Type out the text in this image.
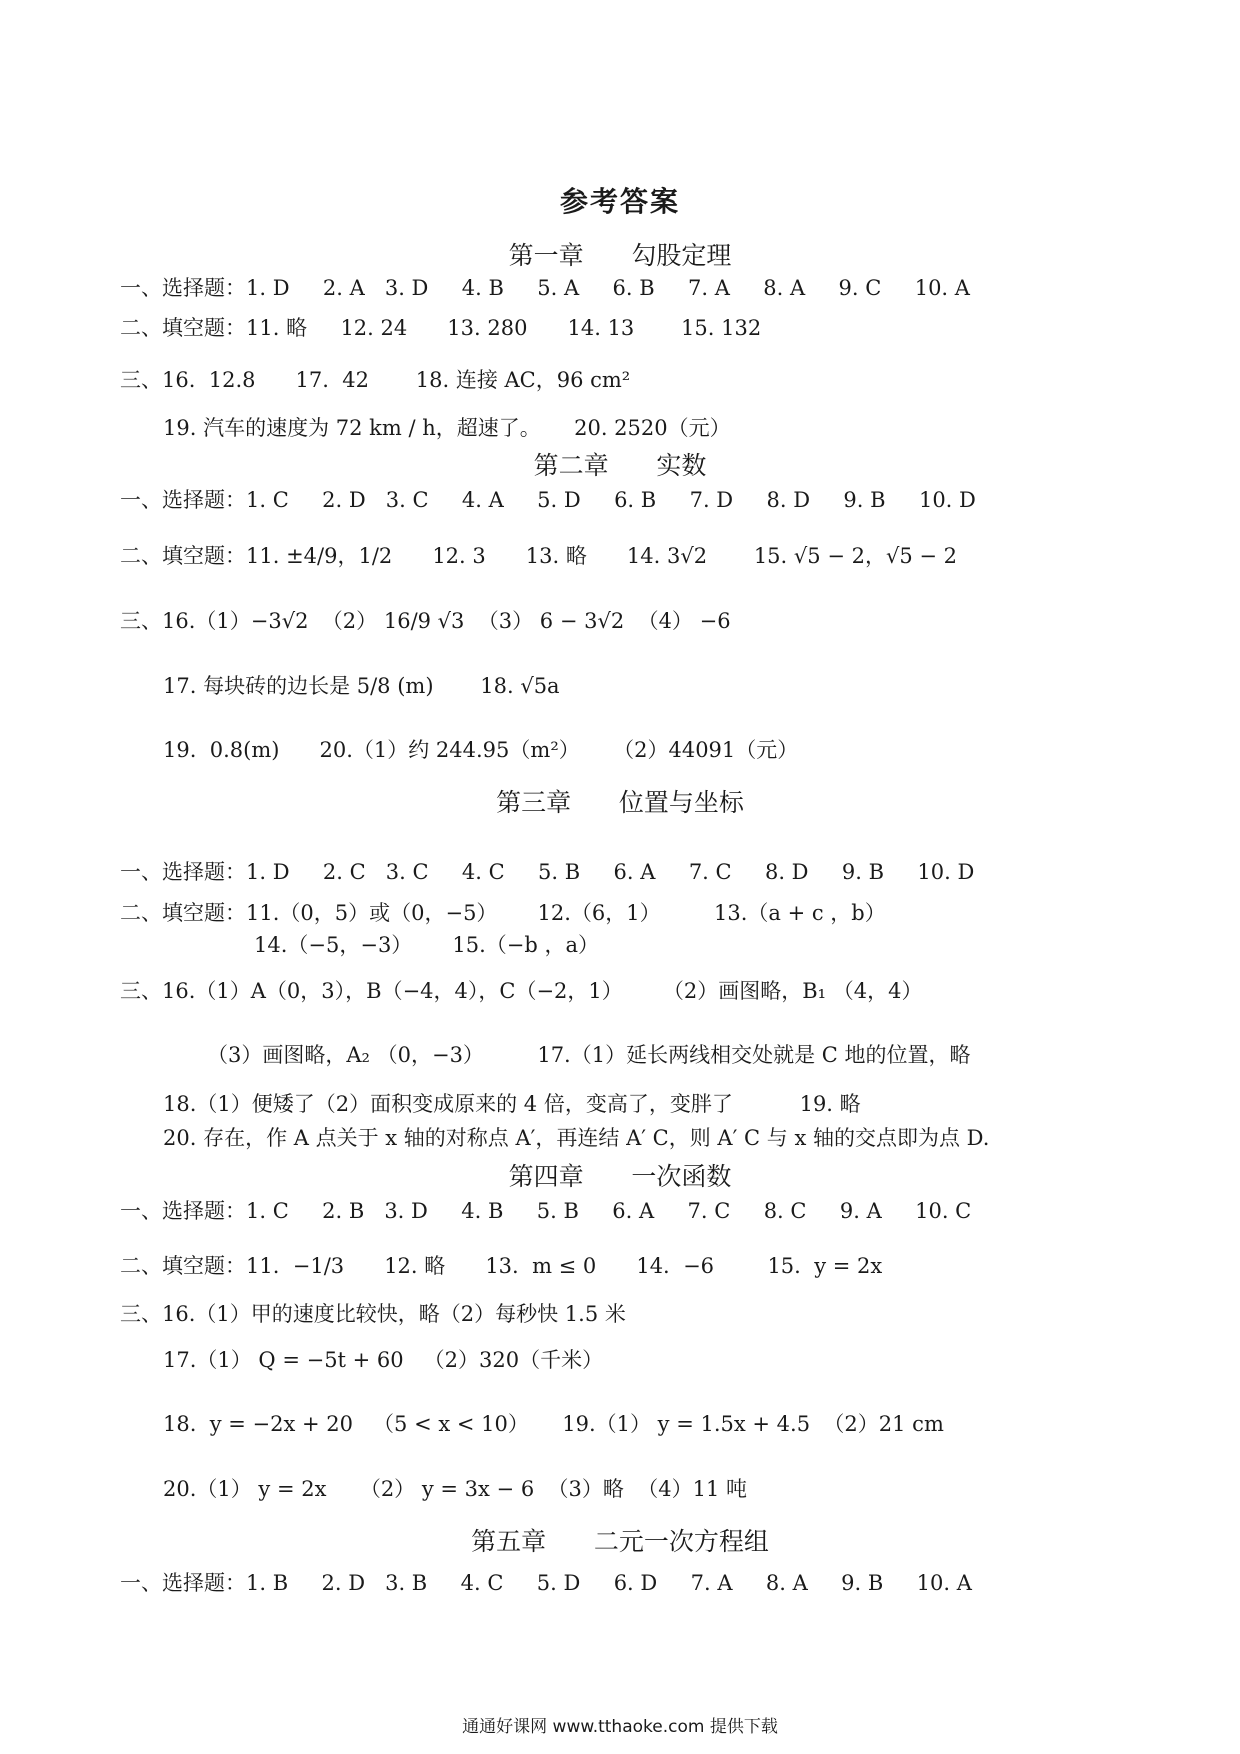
参考答案
第一章      勾股定理
一、选择题：1. D     2. A   3. D     4. B     5. A     6. B     7. A     8. A     9. C     10. A
二、填空题：11. 略     12. 24      13. 280      14. 13       15. 132
三、16.  12.8      17.  42       18. 连接 AC，96 cm²
19. 汽车的速度为 72 km / h，超速了。     20. 2520（元）
第二章      实数
一、选择题：1. C     2. D   3. C     4. A     5. D     6. B     7. D     8. D     9. B     10. D
二、填空题：11. ±4/9，1/2      12. 3      13. 略      14. 3√2       15. √5 − 2，√5 − 2
三、16.（1）−3√2  （2） 16/9 √3  （3） 6 − 3√2  （4） −6
17. 每块砖的边长是 5/8 (m)       18. √5a
19.  0.8(m)      20.（1）约 244.95（m²）     （2）44091（元）
第三章      位置与坐标
一、选择题：1. D     2. C   3. C     4. C     5. B     6. A     7. C     8. D     9. B     10. D
二、填空题：11.（0，5）或（0，−5）      12.（6，1）        13.（a + c ，b）
14.（−5，−3）      15.（−b ，a）
三、16.（1）A（0，3），B（−4，4），C（−2，1）      （2）画图略，B₁ （4，4）
（3）画图略，A₂ （0，−3）        17.（1）延长两线相交处就是 C 地的位置，略
18.（1）便矮了（2）面积变成原来的 4 倍，变高了，变胖了          19. 略
20. 存在，作 A 点关于 x 轴的对称点 A′，再连结 A′ C，则 A′ C 与 x 轴的交点即为点 D.
第四章      一次函数
一、选择题：1. C     2. B   3. D     4. B     5. B     6. A     7. C     8. C     9. A     10. C
二、填空题：11.  −1/3      12. 略      13.  m ≤ 0      14.  −6        15.  y = 2x
三、16.（1）甲的速度比较快，略（2）每秒快 1.5 米
17.（1） Q = −5t + 60   （2）320（千米）
18.  y = −2x + 20   （5 < x < 10）     19.（1） y = 1.5x + 4.5  （2）21 cm
20.（1） y = 2x     （2） y = 3x − 6  （3）略  （4）11 吨
第五章      二元一次方程组
一、选择题：1. B     2. D   3. B     4. C     5. D     6. D     7. A     8. A     9. B     10. A
通通好课网 www.tthaoke.com 提供下载
